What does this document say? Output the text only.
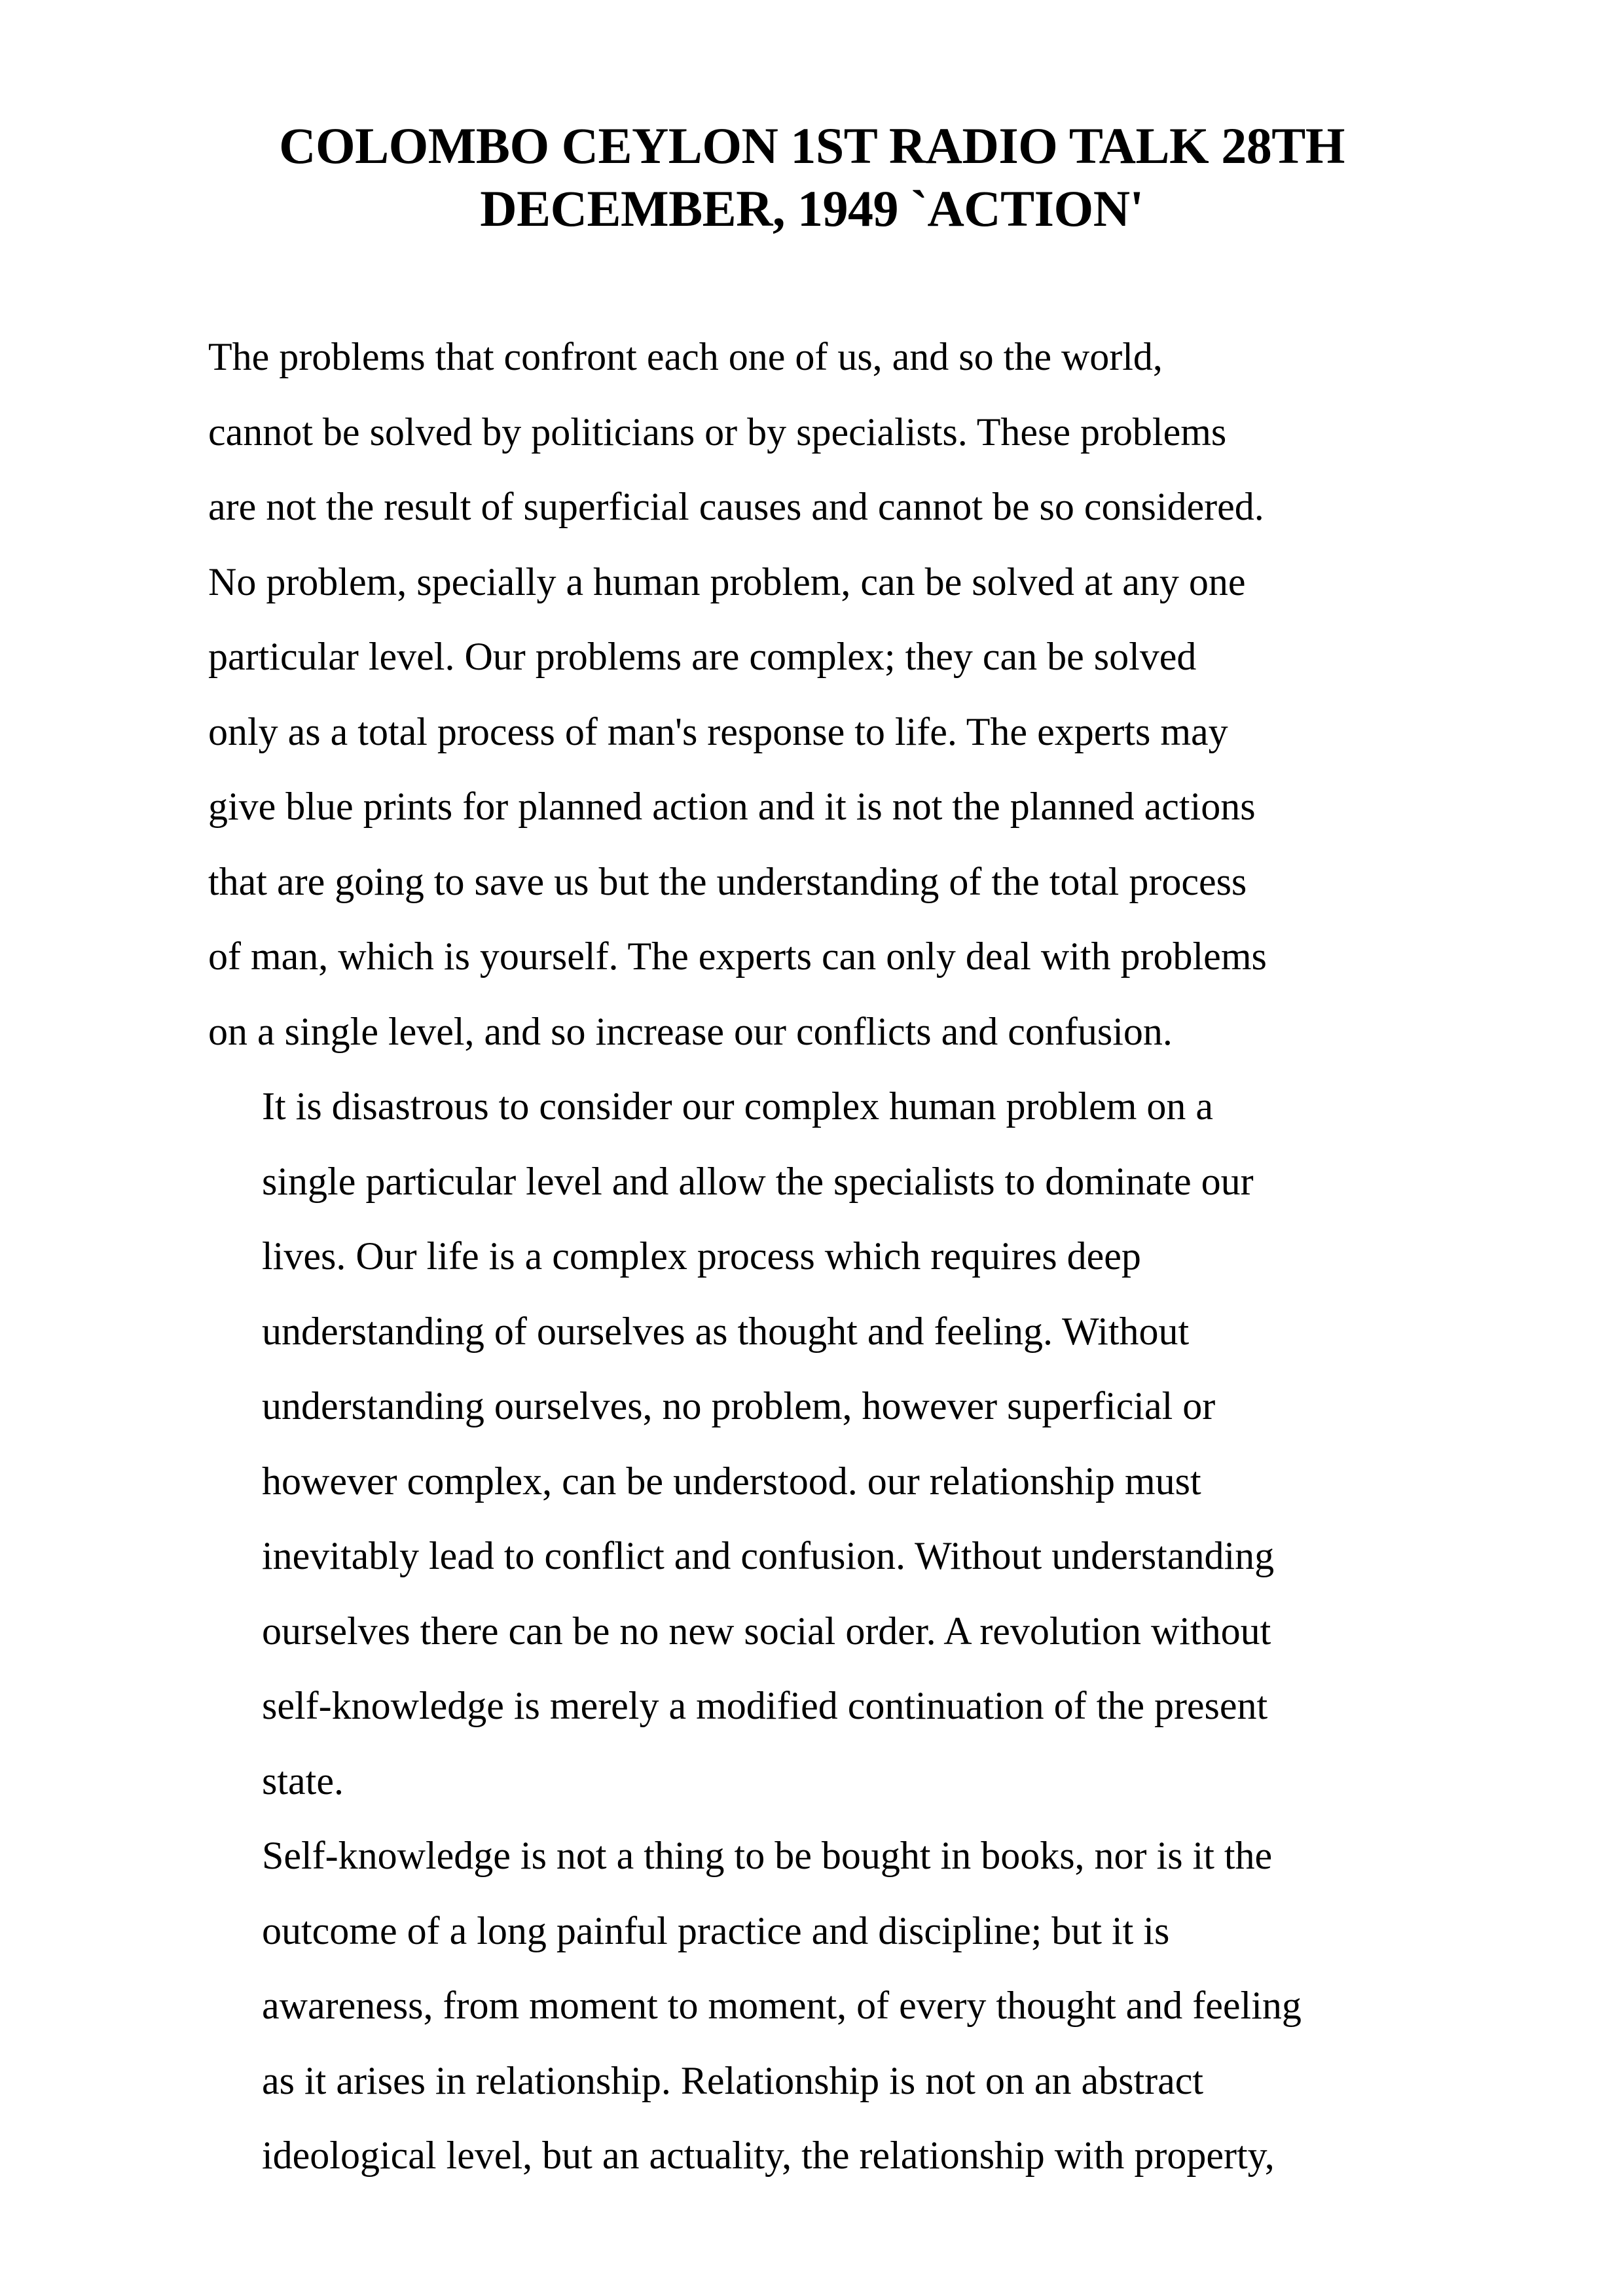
COLOMBO CEYLON 1ST RADIO TALK 28TH
DECEMBER, 1949 `ACTION'

The problems that confront each one of us, and so the world,
cannot be solved by politicians or by specialists. These problems
are not the result of superficial causes and cannot be so considered.
No problem, specially a human problem, can be solved at any one
particular level. Our problems are complex; they can be solved
only as a total process of man's response to life. The experts may
give blue prints for planned action and it is not the planned actions
that are going to save us but the understanding of the total process
of man, which is yourself. The experts can only deal with problems
on a single level, and so increase our conflicts and confusion.

It is disastrous to consider our complex human problem on a
single particular level and allow the specialists to dominate our
lives. Our life is a complex process which requires deep
understanding of ourselves as thought and feeling. Without
understanding ourselves, no problem, however superficial or
however complex, can be understood. our relationship must
inevitably lead to conflict and confusion. Without understanding
ourselves there can be no new social order. A revolution without
self-knowledge is merely a modified continuation of the present
state.

Self-knowledge is not a thing to be bought in books, nor is it the
outcome of a long painful practice and discipline; but it is
awareness, from moment to moment, of every thought and feeling
as it arises in relationship. Relationship is not on an abstract
ideological level, but an actuality, the relationship with property,
